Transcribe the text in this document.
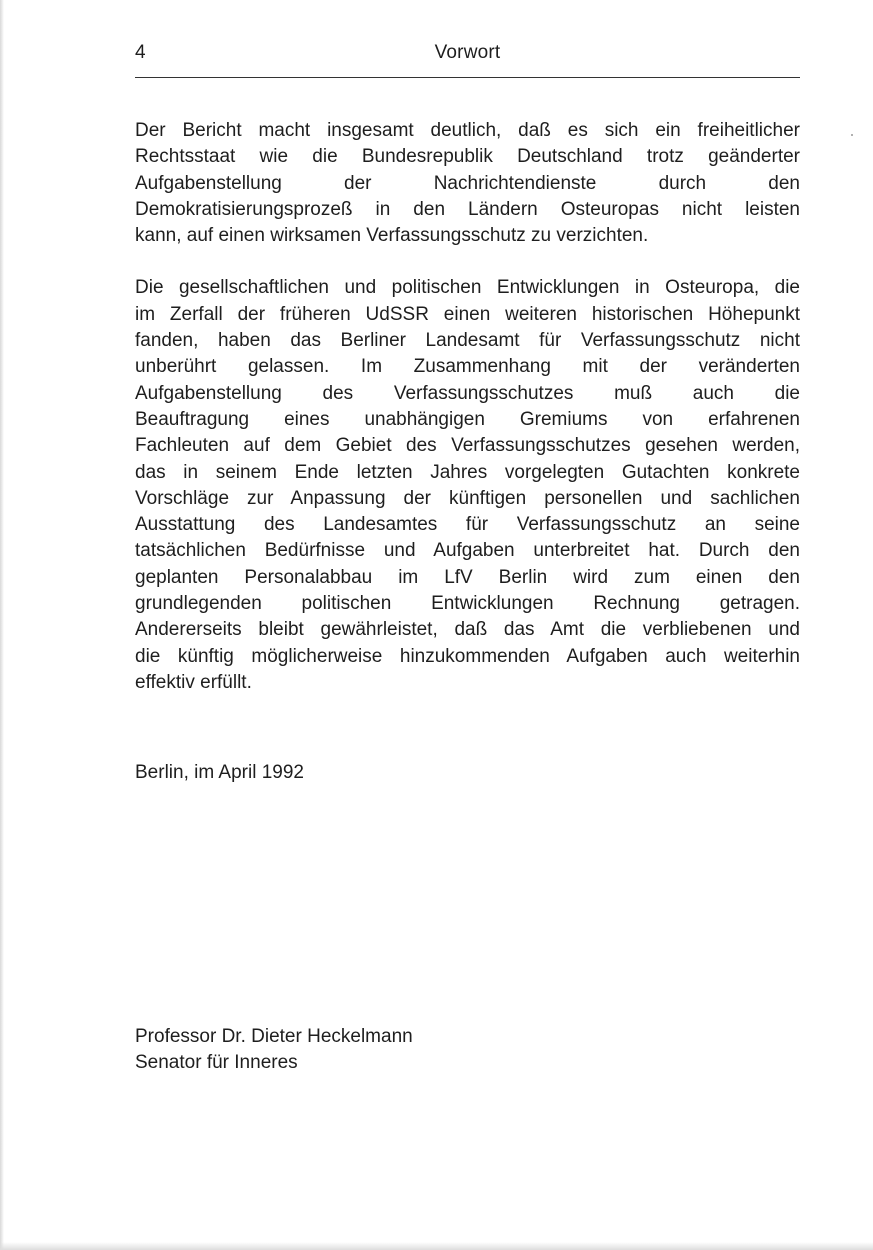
4	Vorwort
Der Bericht macht insgesamt deutlich, daß es sich ein freiheitlicher
Rechtsstaat wie die Bundesrepublik Deutschland trotz geänderter
Aufgabenstellung der Nachrichtendienste durch den
Demokratisierungsprozeß in den Ländern Osteuropas nicht leisten
kann, auf einen wirksamen Verfassungsschutz zu verzichten.
Die gesellschaftlichen und politischen Entwicklungen in Osteuropa, die
im Zerfall der früheren UdSSR einen weiteren historischen Höhepunkt
fanden, haben das Berliner Landesamt für Verfassungsschutz nicht
unberührt gelassen. Im Zusammenhang mit der veränderten
Aufgabenstellung des Verfassungsschutzes muß auch die
Beauftragung eines unabhängigen Gremiums von erfahrenen
Fachleuten auf dem Gebiet des Verfassungsschutzes gesehen werden,
das in seinem Ende letzten Jahres vorgelegten Gutachten konkrete
Vorschläge zur Anpassung der künftigen personellen und sachlichen
Ausstattung des Landesamtes für Verfassungsschutz an seine
tatsächlichen Bedürfnisse und Aufgaben unterbreitet hat. Durch den
geplanten Personalabbau im LfV Berlin wird zum einen den
grundlegenden politischen Entwicklungen Rechnung getragen.
Andererseits bleibt gewährleistet, daß das Amt die verbliebenen und
die künftig möglicherweise hinzukommenden Aufgaben auch weiterhin
effektiv erfüllt.
Berlin, im April 1992
Professor Dr. Dieter Heckelmann
Senator für Inneres
